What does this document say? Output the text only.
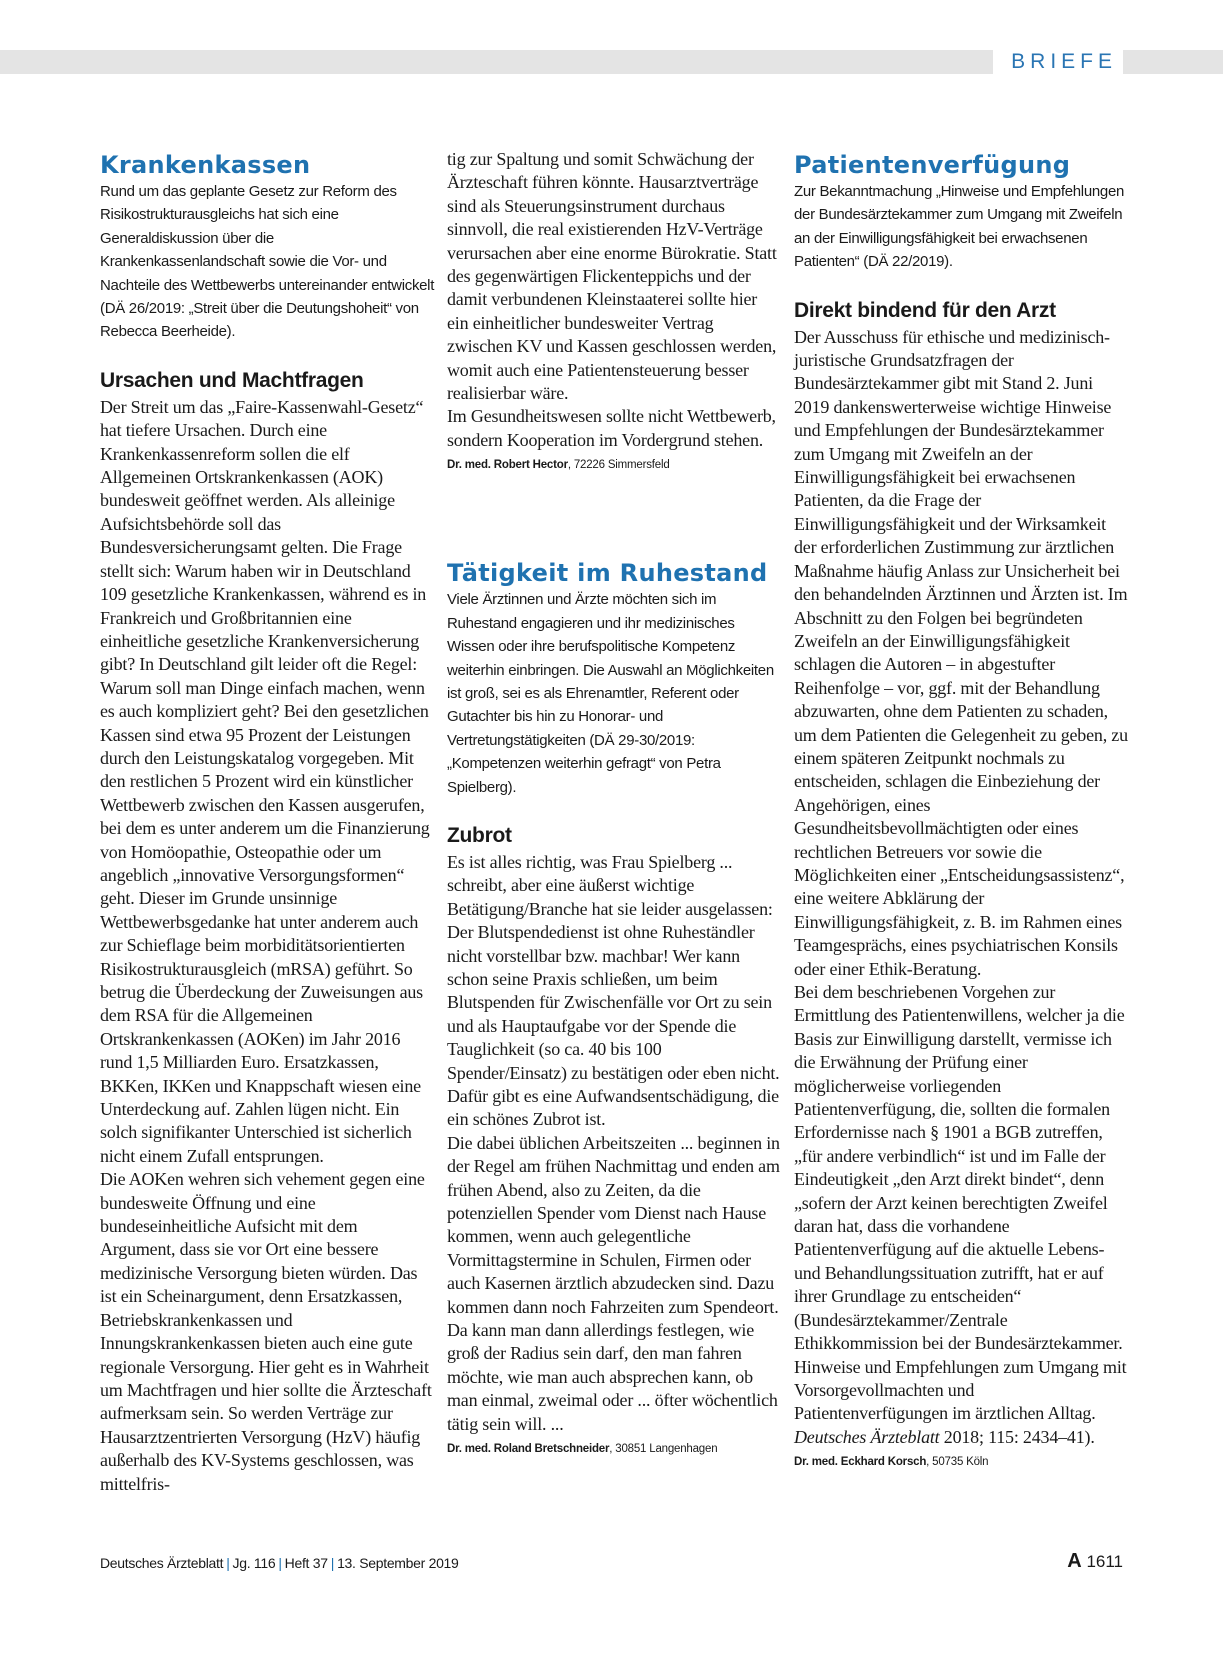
BRIEFE
Krankenkassen

Rund um das geplante Gesetz zur Reform des Risikostrukturausgleichs hat sich eine Generaldiskussion über die Krankenkassenlandschaft sowie die Vor- und Nachteile des Wettbewerbs untereinander entwickelt (DÄ 26/2019: „Streit über die Deutungshoheit“ von Rebecca Beerheide).

Ursachen und Machtfragen

Der Streit um das „Faire-Kassenwahl-Gesetz“ hat tiefere Ursachen. Durch eine Krankenkassenreform sollen die elf Allgemeinen Ortskrankenkassen (AOK) bundesweit geöffnet werden. Als alleinige Aufsichtsbehörde soll das Bundesversicherungsamt gelten. Die Frage stellt sich: Warum haben wir in Deutschland 109 gesetzliche Krankenkassen, während es in Frankreich und Großbritannien eine einheitliche gesetzliche Krankenversicherung gibt? In Deutschland gilt leider oft die Regel: Warum soll man Dinge einfach machen, wenn es auch kompliziert geht? Bei den gesetzlichen Kassen sind etwa 95 Prozent der Leistungen durch den Leistungskatalog vorgegeben. Mit den restlichen 5 Prozent wird ein künstlicher Wettbewerb zwischen den Kassen ausgerufen, bei dem es unter anderem um die Finanzierung von Homöopathie, Osteopathie oder um angeblich „innovative Versorgungsformen“ geht. Dieser im Grunde unsinnige Wettbewerbsgedanke hat unter anderem auch zur Schieflage beim morbiditätsorientierten Risikostrukturausgleich (mRSA) geführt. So betrug die Überdeckung der Zuweisungen aus dem RSA für die Allgemeinen Ortskrankenkassen (AOKen) im Jahr 2016 rund 1,5 Milliarden Euro. Ersatzkassen, BKKen, IKKen und Knappschaft wiesen eine Unterdeckung auf. Zahlen lügen nicht. Ein solch signifikanter Unterschied ist sicherlich nicht einem Zufall entsprungen.

Die AOKen wehren sich vehement gegen eine bundesweite Öffnung und eine bundeseinheitliche Aufsicht mit dem Argument, dass sie vor Ort eine bessere medizinische Versorgung bieten würden. Das ist ein Scheinargument, denn Ersatzkassen, Betriebskrankenkassen und Innungskrankenkassen bieten auch eine gute regionale Versorgung. Hier geht es in Wahrheit um Machtfragen und hier sollte die Ärzteschaft aufmerksam sein. So werden Verträge zur Hausarztzentrierten Versorgung (HzV) häufig außerhalb des KV-Systems geschlossen, was mittelfris-

tig zur Spaltung und somit Schwächung der Ärzteschaft führen könnte. Hausarztverträge sind als Steuerungsinstrument durchaus sinnvoll, die real existierenden HzV-Verträge verursachen aber eine enorme Bürokratie. Statt des gegenwärtigen Flickenteppichs und der damit verbundenen Kleinstaaterei sollte hier ein einheitlicher bundesweiter Vertrag zwischen KV und Kassen geschlossen werden, womit auch eine Patientensteuerung besser realisierbar wäre.

Im Gesundheitswesen sollte nicht Wettbewerb, sondern Kooperation im Vordergrund stehen.

Dr. med. Robert Hector, 72226 Simmersfeld

Tätigkeit im Ruhestand

Viele Ärztinnen und Ärzte möchten sich im Ruhestand engagieren und ihr medizinisches Wissen oder ihre berufspolitische Kompetenz weiterhin einbringen. Die Auswahl an Möglichkeiten ist groß, sei es als Ehrenamtler, Referent oder Gutachter bis hin zu Honorar- und Vertretungstätigkeiten (DÄ 29-30/2019: „Kompetenzen weiterhin gefragt“ von Petra Spielberg).

Zubrot

Es ist alles richtig, was Frau Spielberg ... schreibt, aber eine äußerst wichtige Betätigung/Branche hat sie leider ausgelassen: Der Blutspendedienst ist ohne Ruheständler nicht vorstellbar bzw. machbar! Wer kann schon seine Praxis schließen, um beim Blutspenden für Zwischenfälle vor Ort zu sein und als Hauptaufgabe vor der Spende die Tauglichkeit (so ca. 40 bis 100 Spender/Einsatz) zu bestätigen oder eben nicht. Dafür gibt es eine Aufwandsentschädigung, die ein schönes Zubrot ist.

Die dabei üblichen Arbeitszeiten ... beginnen in der Regel am frühen Nachmittag und enden am frühen Abend, also zu Zeiten, da die potenziellen Spender vom Dienst nach Hause kommen, wenn auch gelegentliche Vormittagstermine in Schulen, Firmen oder auch Kasernen ärztlich abzudecken sind. Dazu kommen dann noch Fahrzeiten zum Spendeort. Da kann man dann allerdings festlegen, wie groß der Radius sein darf, den man fahren möchte, wie man auch absprechen kann, ob man einmal, zweimal oder ... öfter wöchentlich tätig sein will. ...

Dr. med. Roland Bretschneider, 30851 Langenhagen

Patientenverfügung

Zur Bekanntmachung „Hinweise und Empfehlungen der Bundesärztekammer zum Umgang mit Zweifeln an der Einwilligungsfähigkeit bei erwachsenen Patienten“ (DÄ 22/2019).

Direkt bindend für den Arzt

Der Ausschuss für ethische und medizinisch-juristische Grundsatzfragen der Bundesärztekammer gibt mit Stand 2. Juni 2019 dankenswerterweise wichtige Hinweise und Empfehlungen der Bundesärztekammer zum Umgang mit Zweifeln an der Einwilligungsfähigkeit bei erwachsenen Patienten, da die Frage der Einwilligungsfähigkeit und der Wirksamkeit der erforderlichen Zustimmung zur ärztlichen Maßnahme häufig Anlass zur Unsicherheit bei den behandelnden Ärztinnen und Ärzten ist. Im Abschnitt zu den Folgen bei begründeten Zweifeln an der Einwilligungsfähigkeit schlagen die Autoren – in abgestufter Reihenfolge – vor, ggf. mit der Behandlung abzuwarten, ohne dem Patienten zu schaden, um dem Patienten die Gelegenheit zu geben, zu einem späteren Zeitpunkt nochmals zu entscheiden, schlagen die Einbeziehung der Angehörigen, eines Gesundheitsbevollmächtigten oder eines rechtlichen Betreuers vor sowie die Möglichkeiten einer „Entscheidungsassistenz“, eine weitere Abklärung der Einwilligungsfähigkeit, z. B. im Rahmen eines Teamgesprächs, eines psychiatrischen Konsils oder einer Ethik-Beratung.

Bei dem beschriebenen Vorgehen zur Ermittlung des Patientenwillens, welcher ja die Basis zur Einwilligung darstellt, vermisse ich die Erwähnung der Prüfung einer möglicherweise vorliegenden Patientenverfügung, die, sollten die formalen Erfordernisse nach § 1901 a BGB zutreffen, „für andere verbindlich“ ist und im Falle der Eindeutigkeit „den Arzt direkt bindet“, denn „sofern der Arzt keinen berechtigten Zweifel daran hat, dass die vorhandene Patientenverfügung auf die aktuelle Lebens- und Behandlungssituation zutrifft, hat er auf ihrer Grundlage zu entscheiden“ (Bundesärztekammer/Zentrale Ethikkommission bei der Bundesärztekammer. Hinweise und Empfehlungen zum Umgang mit Vorsorgevollmachten und Patientenverfügungen im ärztlichen Alltag. Deutsches Ärzteblatt 2018; 115: 2434–41).

Dr. med. Eckhard Korsch, 50735 Köln

Deutsches Ärzteblatt | Jg. 116 | Heft 37 | 13. September 2019	A 1611
